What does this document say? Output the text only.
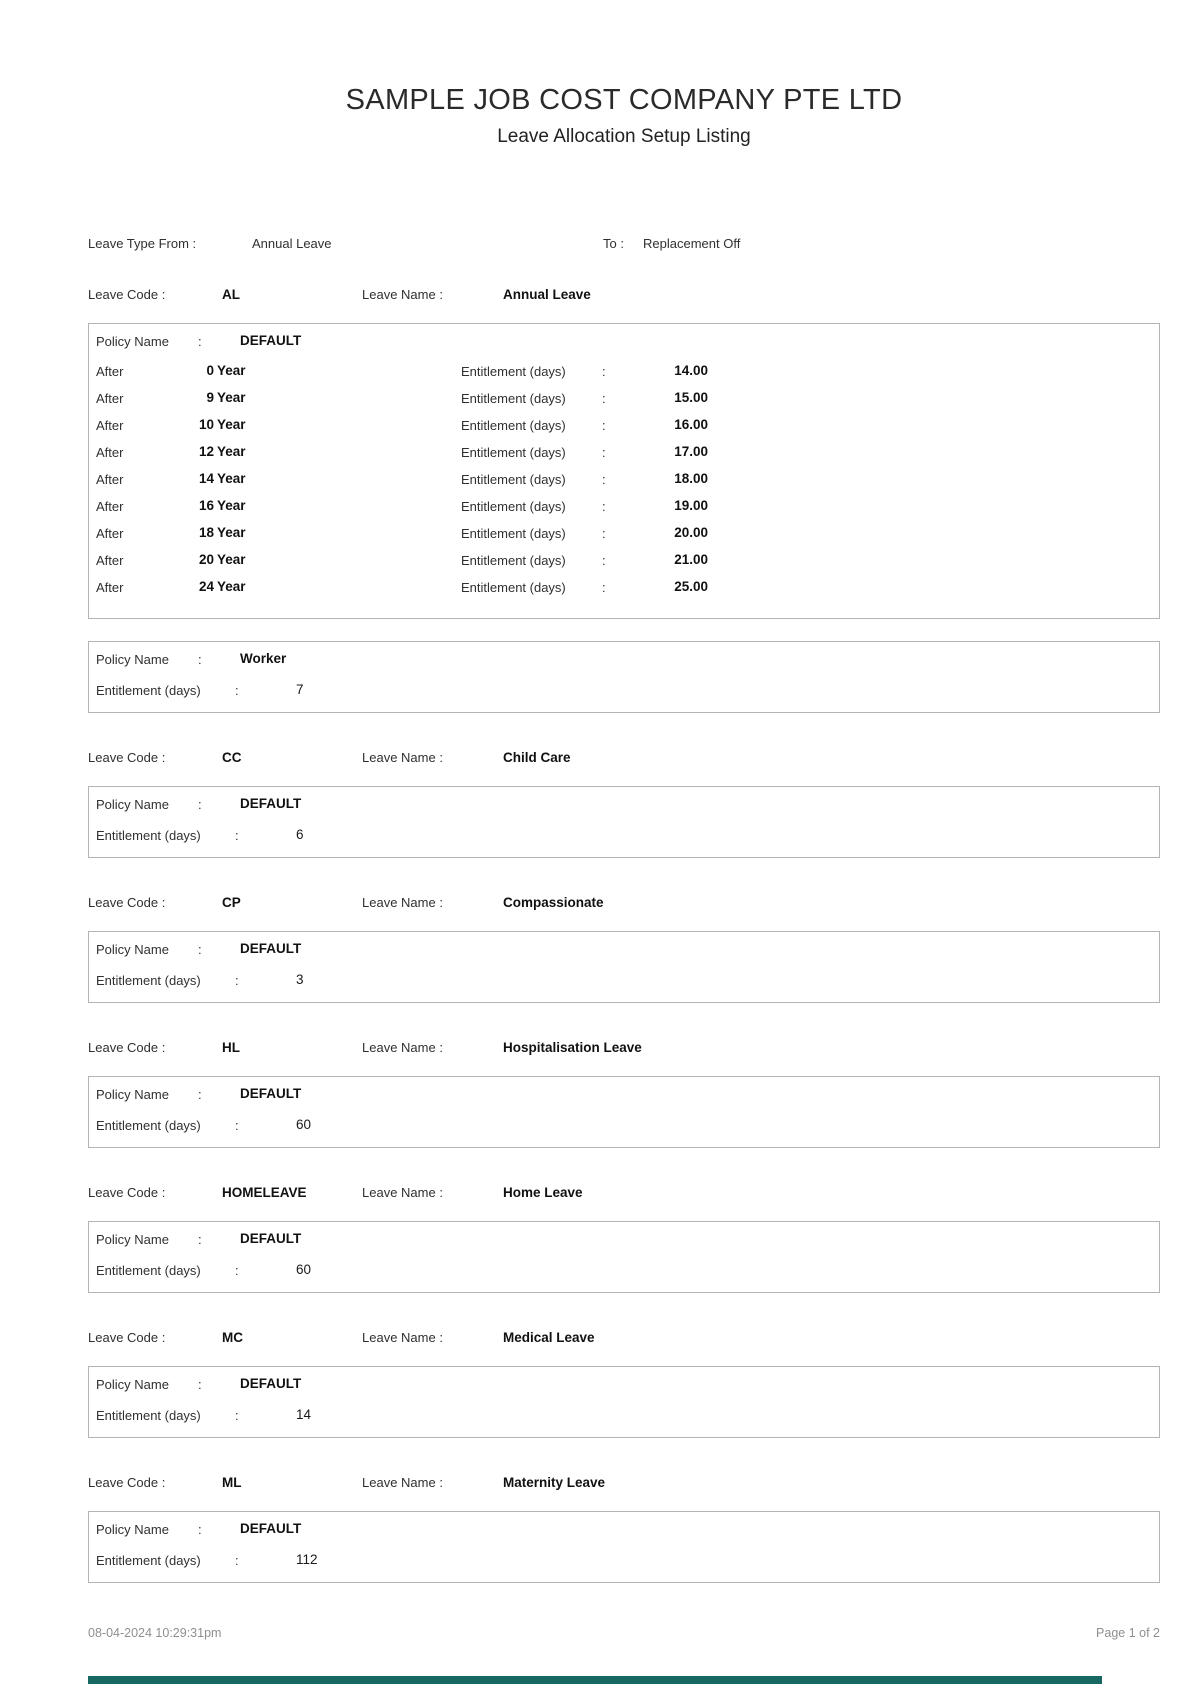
SAMPLE JOB COST COMPANY PTE LTD
Leave Allocation Setup Listing
Leave Type From :	Annual Leave	To : Replacement Off
Leave Code :	AL	Leave Name :	Annual Leave
Policy Name :	DEFAULT
After	0 Year	Entitlement (days)	:	14.00
After	9 Year	Entitlement (days)	:	15.00
After	10 Year	Entitlement (days)	:	16.00
After	12 Year	Entitlement (days)	:	17.00
After	14 Year	Entitlement (days)	:	18.00
After	16 Year	Entitlement (days)	:	19.00
After	18 Year	Entitlement (days)	:	20.00
After	20 Year	Entitlement (days)	:	21.00
After	24 Year	Entitlement (days)	:	25.00
Policy Name :	Worker
Entitlement (days)	:	7
Leave Code :	CC	Leave Name :	Child Care
Policy Name :	DEFAULT
Entitlement (days)	:	6
Leave Code :	CP	Leave Name :	Compassionate
Policy Name :	DEFAULT
Entitlement (days)	:	3
Leave Code :	HL	Leave Name :	Hospitalisation Leave
Policy Name :	DEFAULT
Entitlement (days)	:	60
Leave Code :	HOMELEAVE	Leave Name :	Home Leave
Policy Name :	DEFAULT
Entitlement (days)	:	60
Leave Code :	MC	Leave Name :	Medical Leave
Policy Name :	DEFAULT
Entitlement (days)	:	14
Leave Code :	ML	Leave Name :	Maternity Leave
Policy Name :	DEFAULT
Entitlement (days)	:	112
08-04-2024 10:29:31pm	Page 1 of 2
